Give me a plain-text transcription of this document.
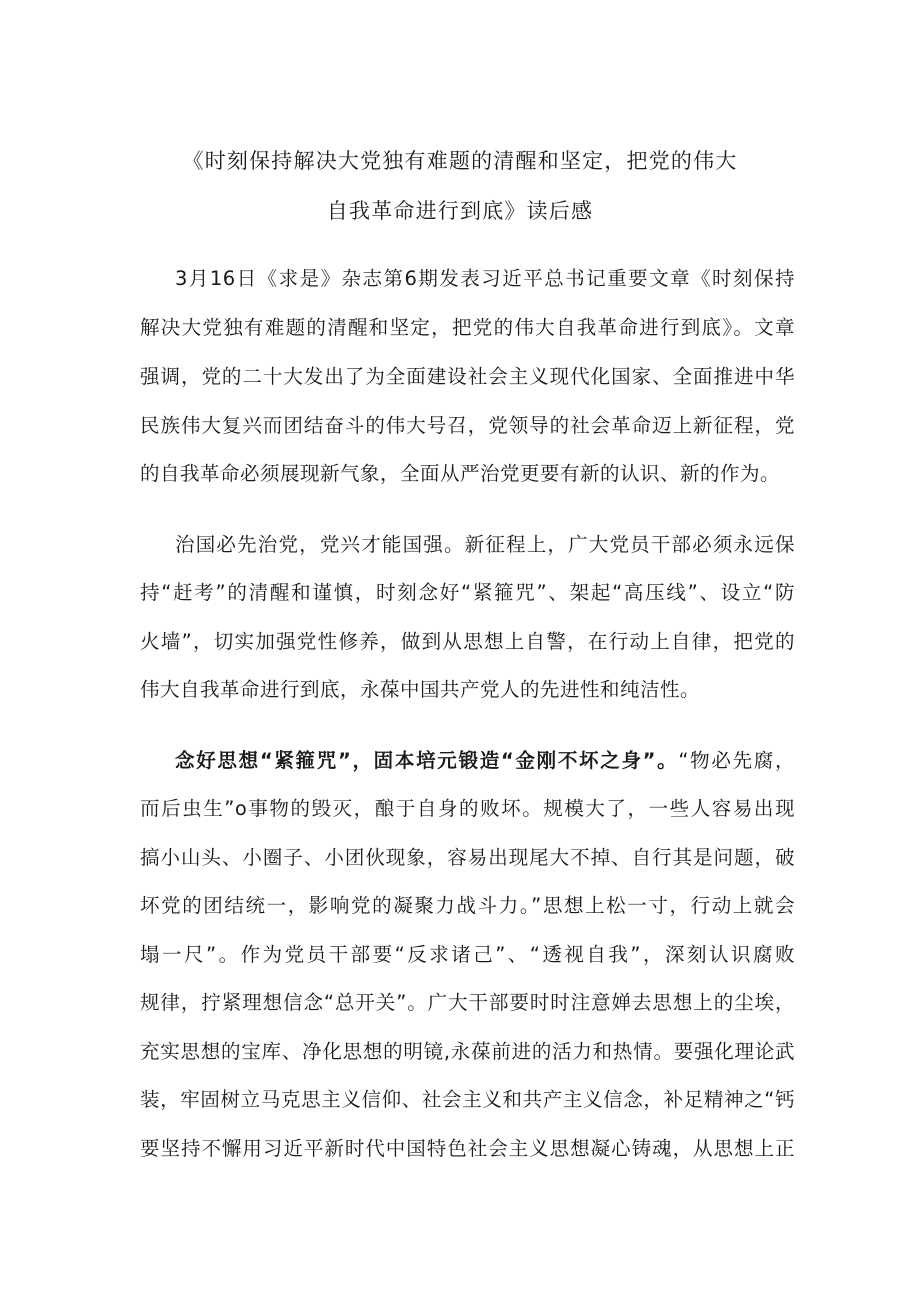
《时刻保持解决大党独有难题的清醒和坚定，把党的伟大
自我革命进行到底》读后感
3月16日《求是》杂志第6期发表习近平总书记重要文章《时刻保持
解决大党独有难题的清醒和坚定，把党的伟大自我革命进行到底》。文章
强调，党的二十大发出了为全面建设社会主义现代化国家、全面推进中华
民族伟大复兴而团结奋斗的伟大号召，党领导的社会革命迈上新征程，党
的自我革命必须展现新气象，全面从严治党更要有新的认识、新的作为。
治国必先治党，党兴才能国强。新征程上，广大党员干部必须永远保
持“赶考”的清醒和谨慎，时刻念好“紧箍咒”、架起“高压线”、设立“防
火墙”，切实加强党性修养，做到从思想上自警，在行动上自律，把党的
伟大自我革命进行到底，永葆中国共产党人的先进性和纯洁性。
念好思想“紧箍咒”，固本培元锻造“金刚不坏之身”。“物必先腐，
而后虫生”o事物的毁灭，酿于自身的败坏。规模大了，一些人容易出现
搞小山头、小圈子、小团伙现象，容易出现尾大不掉、自行其是问题，破
坏党的团结统一，影响党的凝聚力战斗力。”思想上松一寸，行动上就会
塌一尺”。作为党员干部要“反求诸己”、“透视自我”，深刻认识腐败
规律，拧紧理想信念“总开关”。广大干部要时时注意婵去思想上的尘埃，
充实思想的宝库、净化思想的明镜,永葆前进的活力和热情。要强化理论武
装，牢固树立马克思主义信仰、社会主义和共产主义信念，补足精神之“钙
要坚持不懈用习近平新时代中国特色社会主义思想凝心铸魂，从思想上正
